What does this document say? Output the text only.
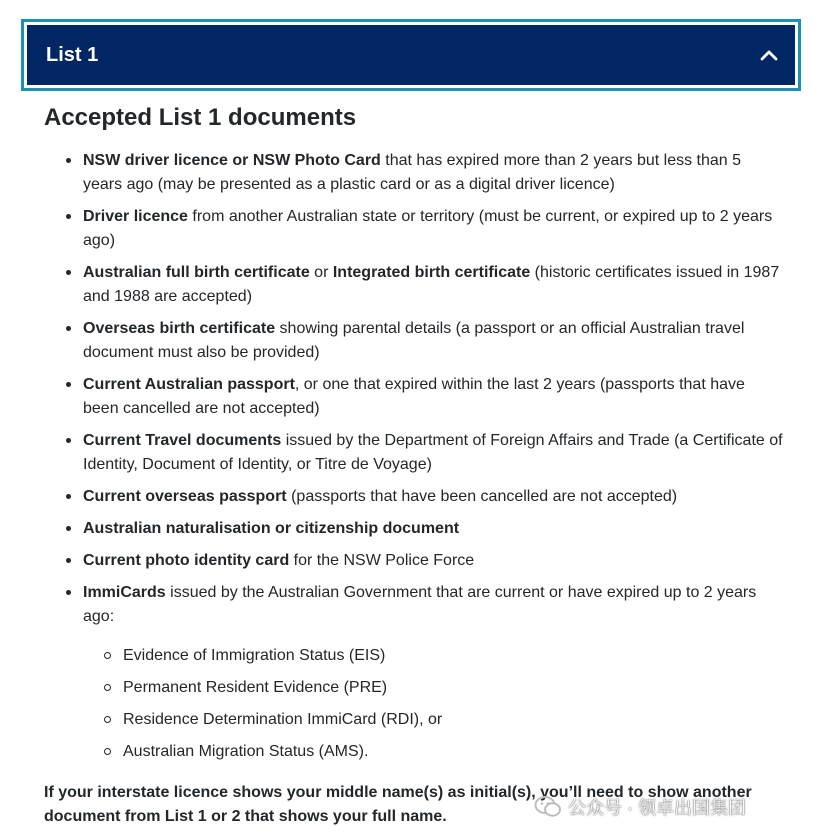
List 1
Accepted List 1 documents
NSW driver licence or NSW Photo Card that has expired more than 2 years but less than 5 years ago (may be presented as a plastic card or as a digital driver licence)
Driver licence from another Australian state or territory (must be current, or expired up to 2 years ago)
Australian full birth certificate or Integrated birth certificate (historic certificates issued in 1987 and 1988 are accepted)
Overseas birth certificate showing parental details (a passport or an official Australian travel document must also be provided)
Current Australian passport, or one that expired within the last 2 years (passports that have been cancelled are not accepted)
Current Travel documents issued by the Department of Foreign Affairs and Trade (a Certificate of Identity, Document of Identity, or Titre de Voyage)
Current overseas passport (passports that have been cancelled are not accepted)
Australian naturalisation or citizenship document
Current photo identity card for the NSW Police Force
ImmiCards issued by the Australian Government that are current or have expired up to 2 years ago:
Evidence of Immigration Status (EIS)
Permanent Resident Evidence (PRE)
Residence Determination ImmiCard (RDI), or
Australian Migration Status (AMS).

If your interstate licence shows your middle name(s) as initial(s), you’ll need to show another document from List 1 or 2 that shows your full name.	公众号 · 领卓出国集团
